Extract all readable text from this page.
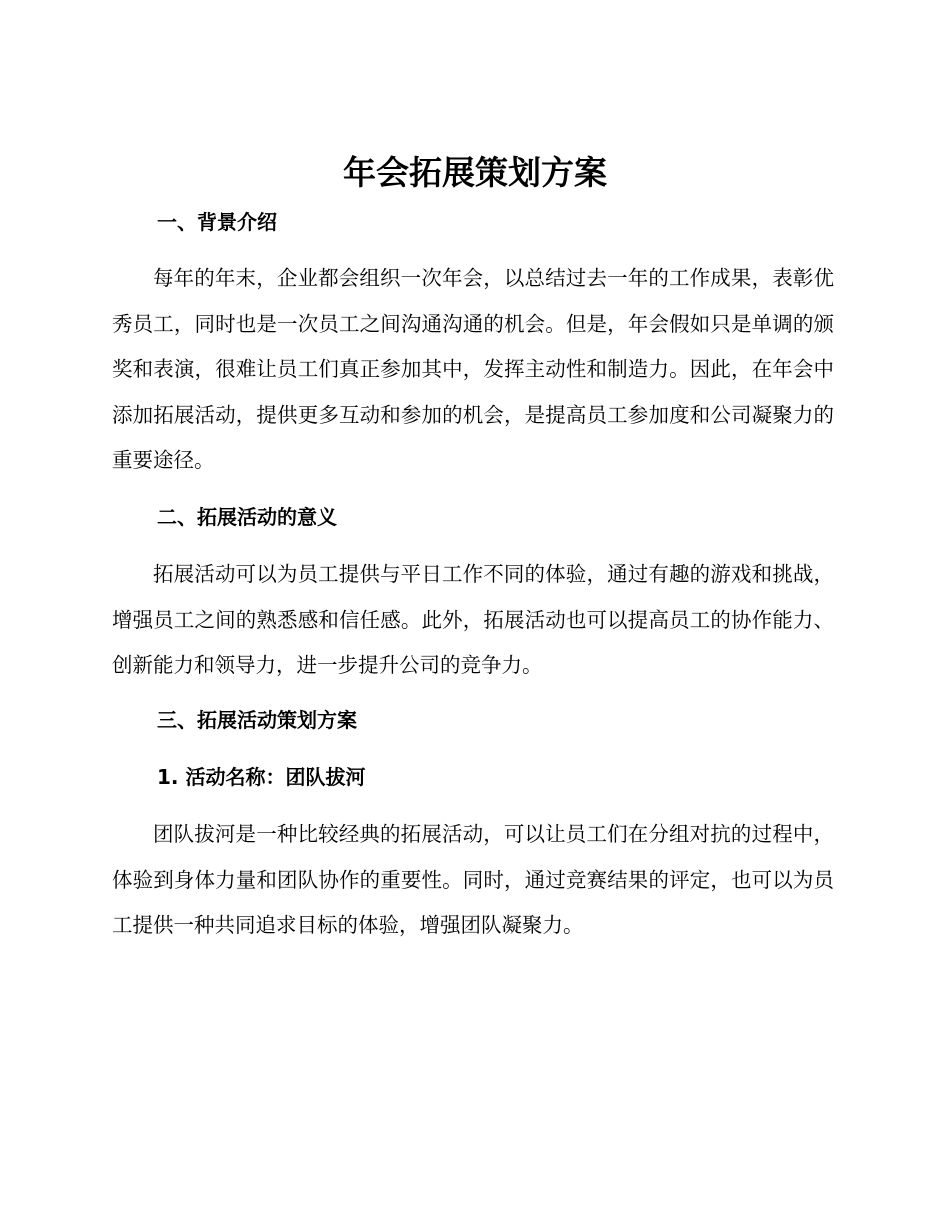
年会拓展策划方案
一、背景介绍

每年的年末，企业都会组织一次年会，以总结过去一年的工作成果，表彰优秀员工，同时也是一次员工之间沟通沟通的机会。但是，年会假如只是单调的颁奖和表演，很难让员工们真正参加其中，发挥主动性和制造力。因此，在年会中添加拓展活动，提供更多互动和参加的机会，是提高员工参加度和公司凝聚力的重要途径。

二、拓展活动的意义

拓展活动可以为员工提供与平日工作不同的体验，通过有趣的游戏和挑战，增强员工之间的熟悉感和信任感。此外，拓展活动也可以提高员工的协作能力、创新能力和领导力，进一步提升公司的竞争力。

三、拓展活动策划方案
1. 活动名称：团队拔河

团队拔河是一种比较经典的拓展活动，可以让员工们在分组对抗的过程中，体验到身体力量和团队协作的重要性。同时，通过竞赛结果的评定，也可以为员工提供一种共同追求目标的体验，增强团队凝聚力。
